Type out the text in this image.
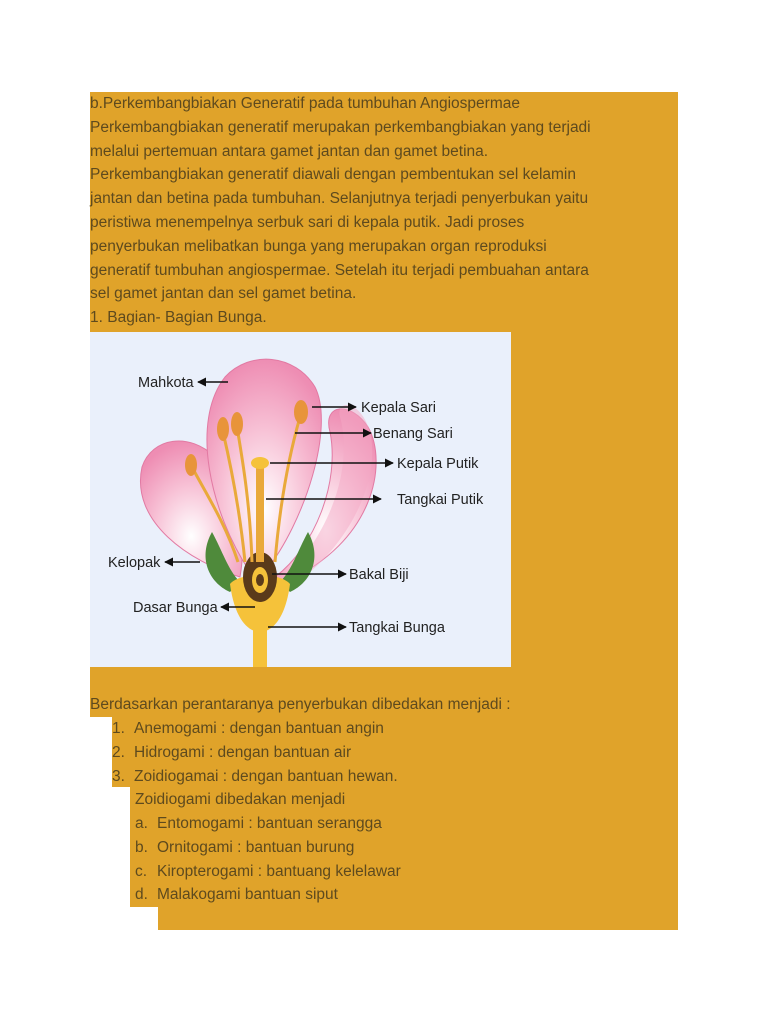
b.Perkembangbiakan Generatif pada tumbuhan Angiospermae
Perkembangbiakan generatif merupakan perkembangbiakan yang terjadi
melalui pertemuan antara gamet jantan dan gamet betina.
Perkembangbiakan generatif diawali dengan pembentukan sel kelamin
jantan dan betina pada tumbuhan. Selanjutnya terjadi penyerbukan yaitu
peristiwa menempelnya serbuk sari di kepala putik. Jadi proses
penyerbukan melibatkan bunga yang merupakan organ reproduksi
generatif tumbuhan angiospermae. Setelah itu terjadi pembuahan antara
sel gamet jantan dan sel gamet betina.
1. Bagian- Bagian Bunga.
Mahkota
Kepala Sari
Benang Sari
Kepala Putik
Tangkai Putik
Kelopak
Bakal Biji
Dasar Bunga
Tangkai Bunga
Berdasarkan perantaranya penyerbukan dibedakan menjadi :
1. Anemogami : dengan bantuan angin
2. Hidrogami : dengan bantuan air
3. Zoidiogamai : dengan bantuan hewan.
Zoidiogami dibedakan menjadi
a. Entomogami : bantuan serangga
b. Ornitogami : bantuan burung
c. Kiropterogami : bantuang kelelawar
d. Malakogami bantuan siput
